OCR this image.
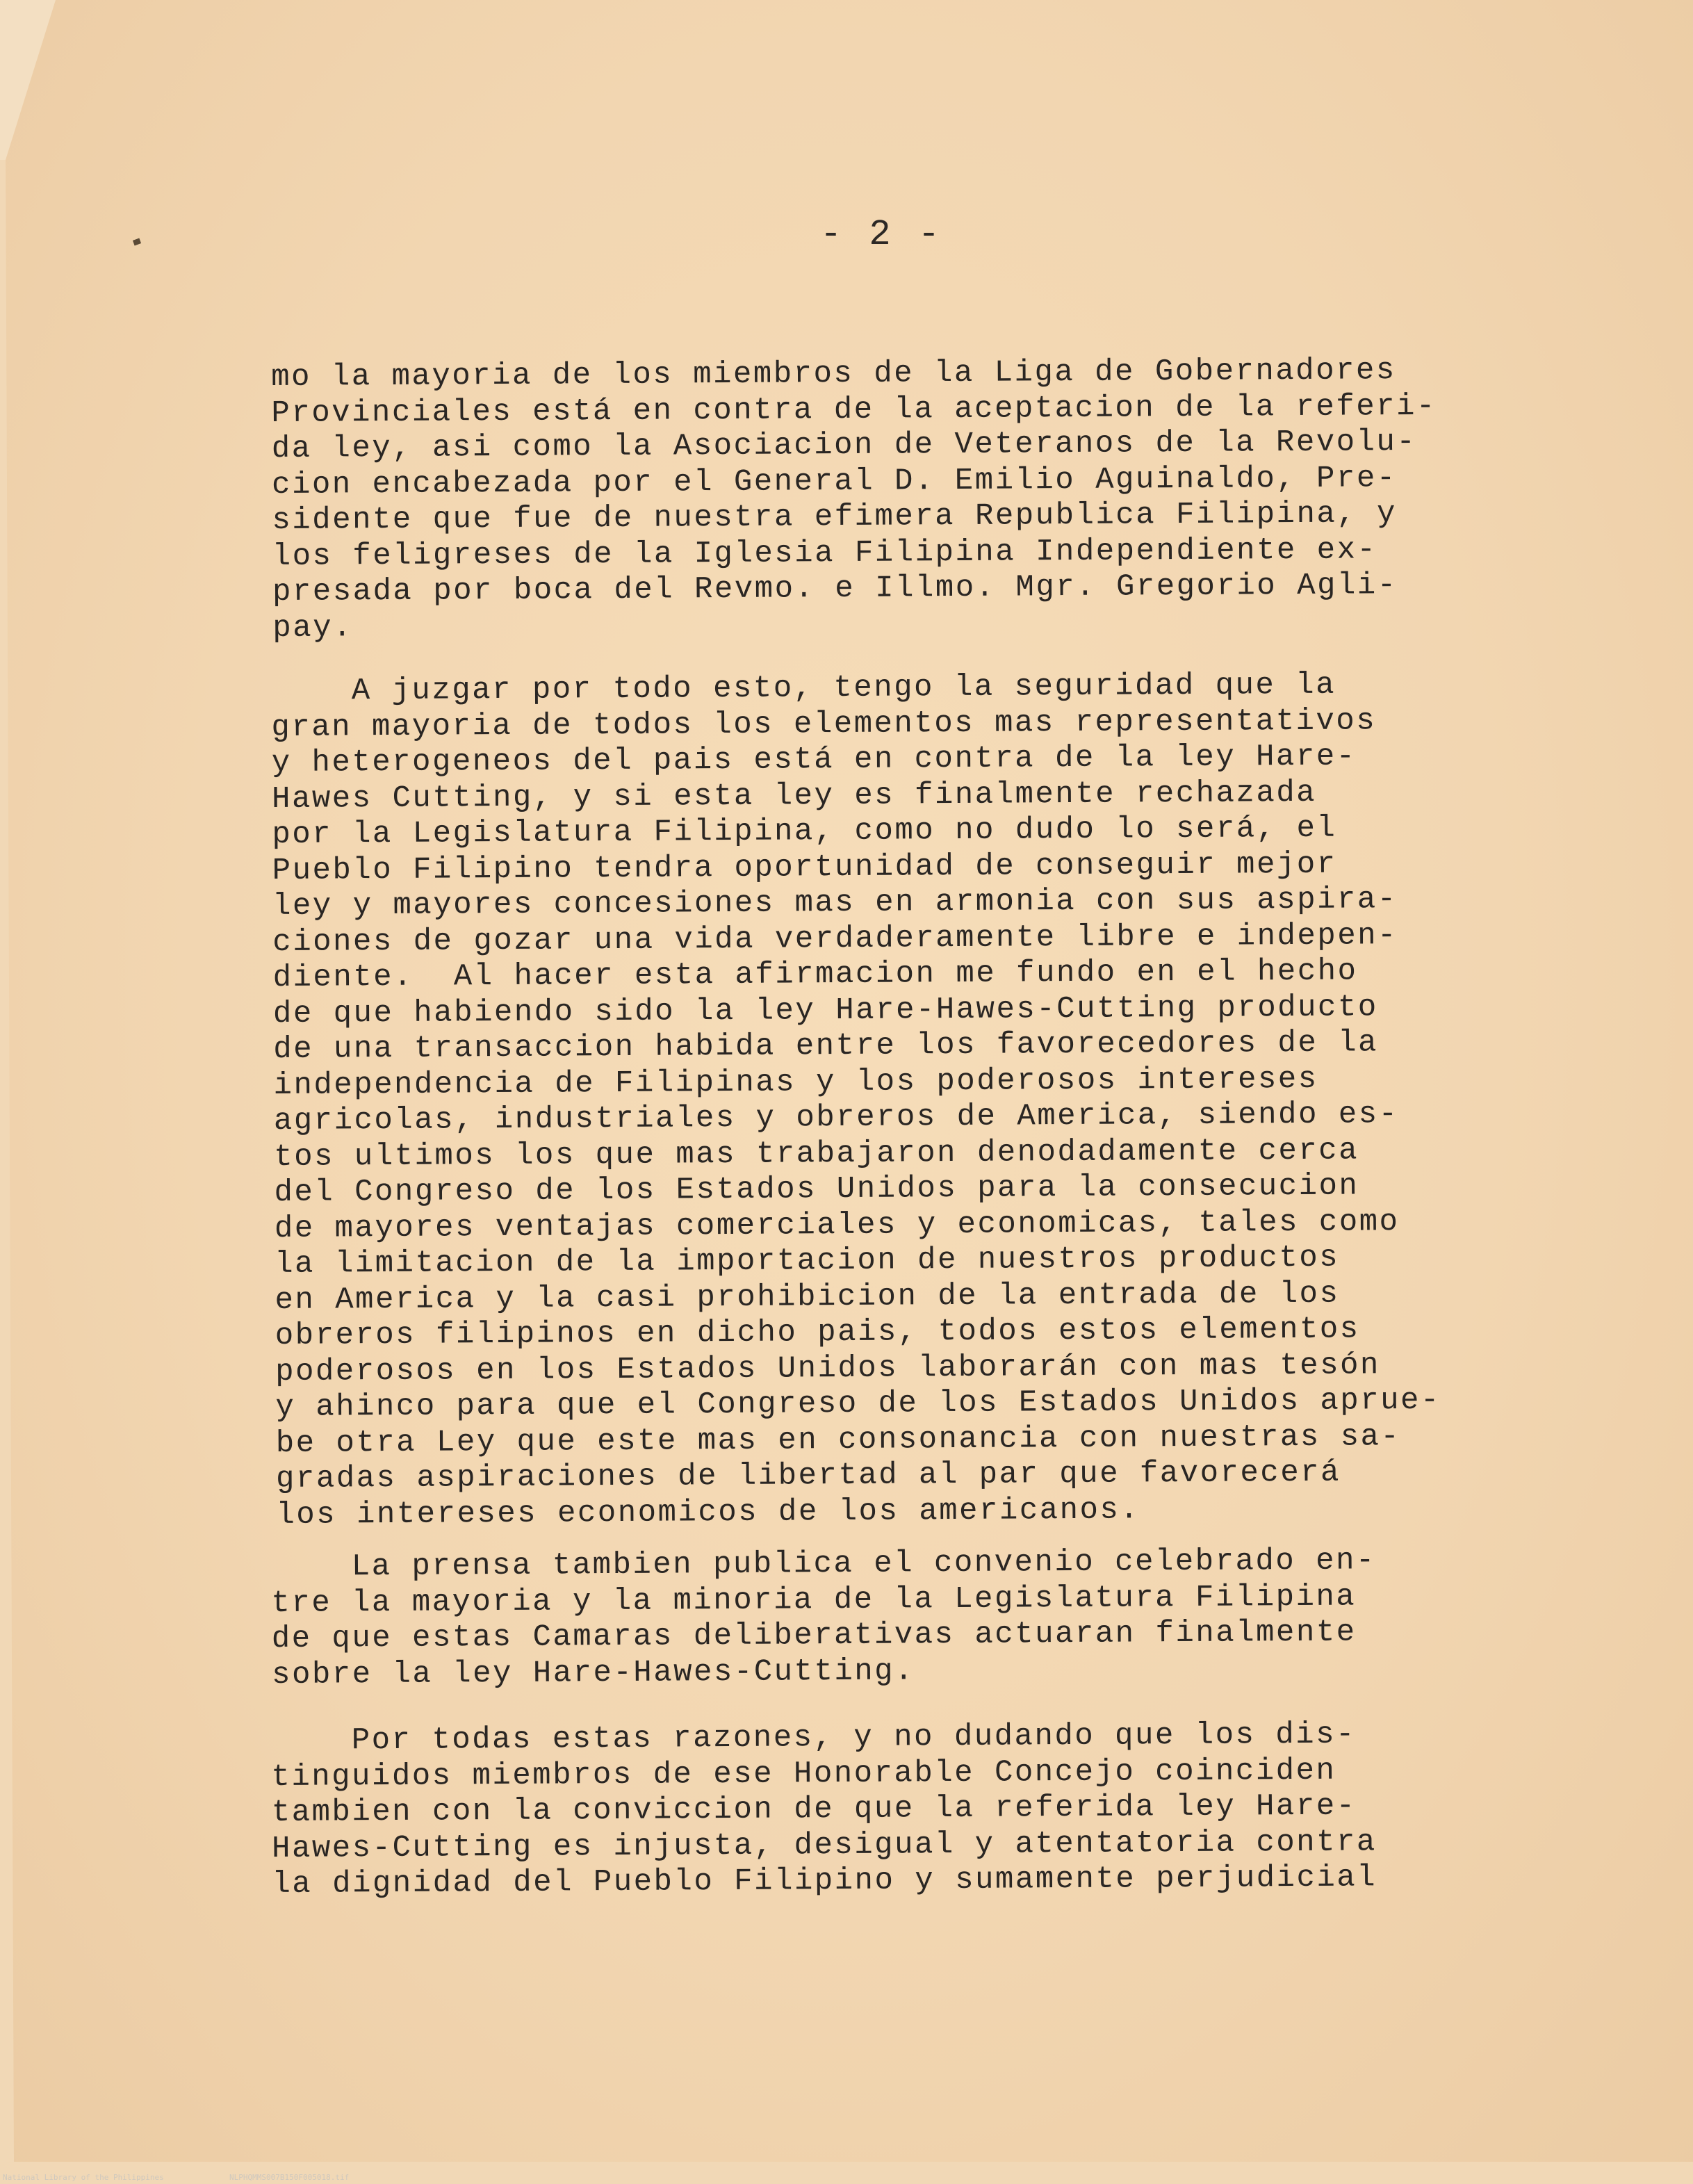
- 2 -
mo la mayoria de los miembros de la Liga de Gobernadores
Provinciales está en contra de la aceptacion de la referi-
da ley, asi como la Asociacion de Veteranos de la Revolu-
cion encabezada por el General D. Emilio Aguinaldo, Pre-
sidente que fue de nuestra efimera Republica Filipina, y
los feligreses de la Iglesia Filipina Independiente ex-
presada por boca del Revmo. e Illmo. Mgr. Gregorio Agli-
pay.
A juzgar por todo esto, tengo la seguridad que la
gran mayoria de todos los elementos mas representativos
y heterogeneos del pais está en contra de la ley Hare-
Hawes Cutting, y si esta ley es finalmente rechazada
por la Legislatura Filipina, como no dudo lo será, el
Pueblo Filipino tendra oportunidad de conseguir mejor
ley y mayores concesiones mas en armonia con sus aspira-
ciones de gozar una vida verdaderamente libre e indepen-
diente.  Al hacer esta afirmacion me fundo en el hecho
de que habiendo sido la ley Hare-Hawes-Cutting producto
de una transaccion habida entre los favorecedores de la
independencia de Filipinas y los poderosos intereses
agricolas, industriales y obreros de America, siendo es-
tos ultimos los que mas trabajaron denodadamente cerca
del Congreso de los Estados Unidos para la consecucion
de mayores ventajas comerciales y economicas, tales como
la limitacion de la importacion de nuestros productos
en America y la casi prohibicion de la entrada de los
obreros filipinos en dicho pais, todos estos elementos
poderosos en los Estados Unidos laborarán con mas tesón
y ahinco para que el Congreso de los Estados Unidos aprue-
be otra Ley que este mas en consonancia con nuestras sa-
gradas aspiraciones de libertad al par que favorecerá
los intereses economicos de los americanos.
La prensa tambien publica el convenio celebrado en-
tre la mayoria y la minoria de la Legislatura Filipina
de que estas Camaras deliberativas actuaran finalmente
sobre la ley Hare-Hawes-Cutting.
Por todas estas razones, y no dudando que los dis-
tinguidos miembros de ese Honorable Concejo coinciden
tambien con la conviccion de que la referida ley Hare-
Hawes-Cutting es injusta, desigual y atentatoria contra
la dignidad del Pueblo Filipino y sumamente perjudicial
National Library of the Philippines	NLPHQMMS007B150F005018.tif
